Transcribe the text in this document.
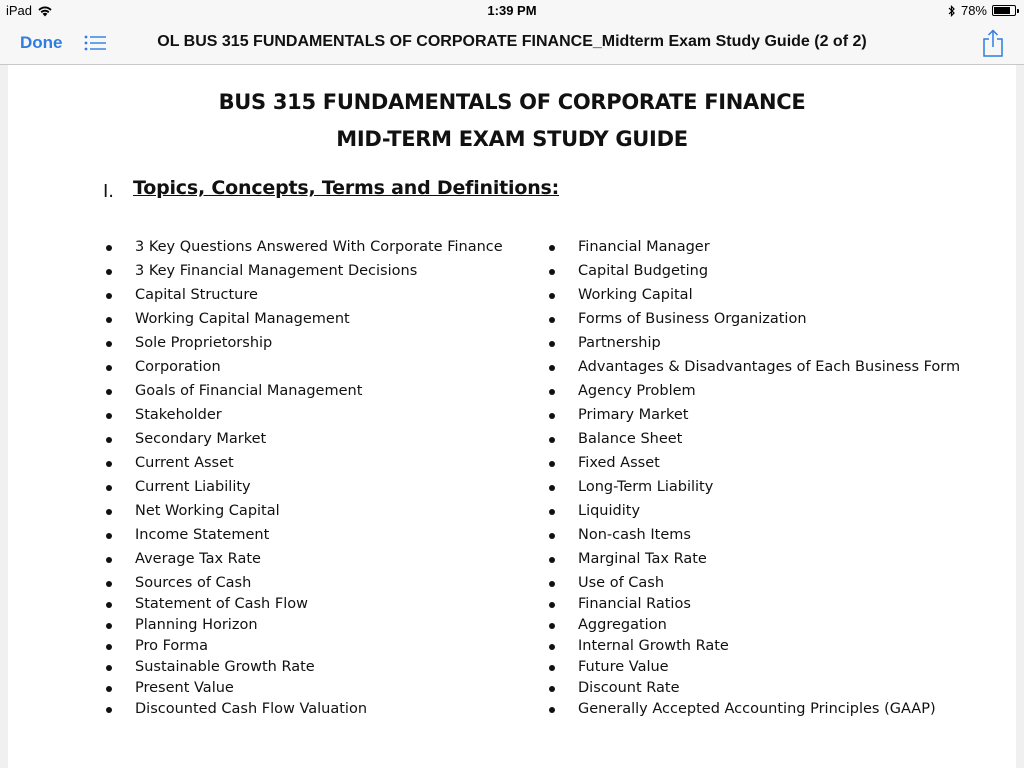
iPad	1:39 PM	78%
Done	OL BUS 315 FUNDAMENTALS OF CORPORATE FINANCE_Midterm Exam Study Guide (2 of 2)
BUS 315 FUNDAMENTALS OF CORPORATE FINANCE
MID-TERM EXAM STUDY GUIDE
I. Topics, Concepts, Terms and Definitions:
3 Key Questions Answered With Corporate Finance
3 Key Financial Management Decisions
Capital Structure
Working Capital Management
Sole Proprietorship
Corporation
Goals of Financial Management
Stakeholder
Secondary Market
Current Asset
Current Liability
Net Working Capital
Income Statement
Average Tax Rate
Sources of Cash
Statement of Cash Flow
Planning Horizon
Pro Forma
Sustainable Growth Rate
Present Value
Discounted Cash Flow Valuation
Financial Manager
Capital Budgeting
Working Capital
Forms of Business Organization
Partnership
Advantages & Disadvantages of Each Business Form
Agency Problem
Primary Market
Balance Sheet
Fixed Asset
Long-Term Liability
Liquidity
Non-cash Items
Marginal Tax Rate
Use of Cash
Financial Ratios
Aggregation
Internal Growth Rate
Future Value
Discount Rate
Generally Accepted Accounting Principles (GAAP)
